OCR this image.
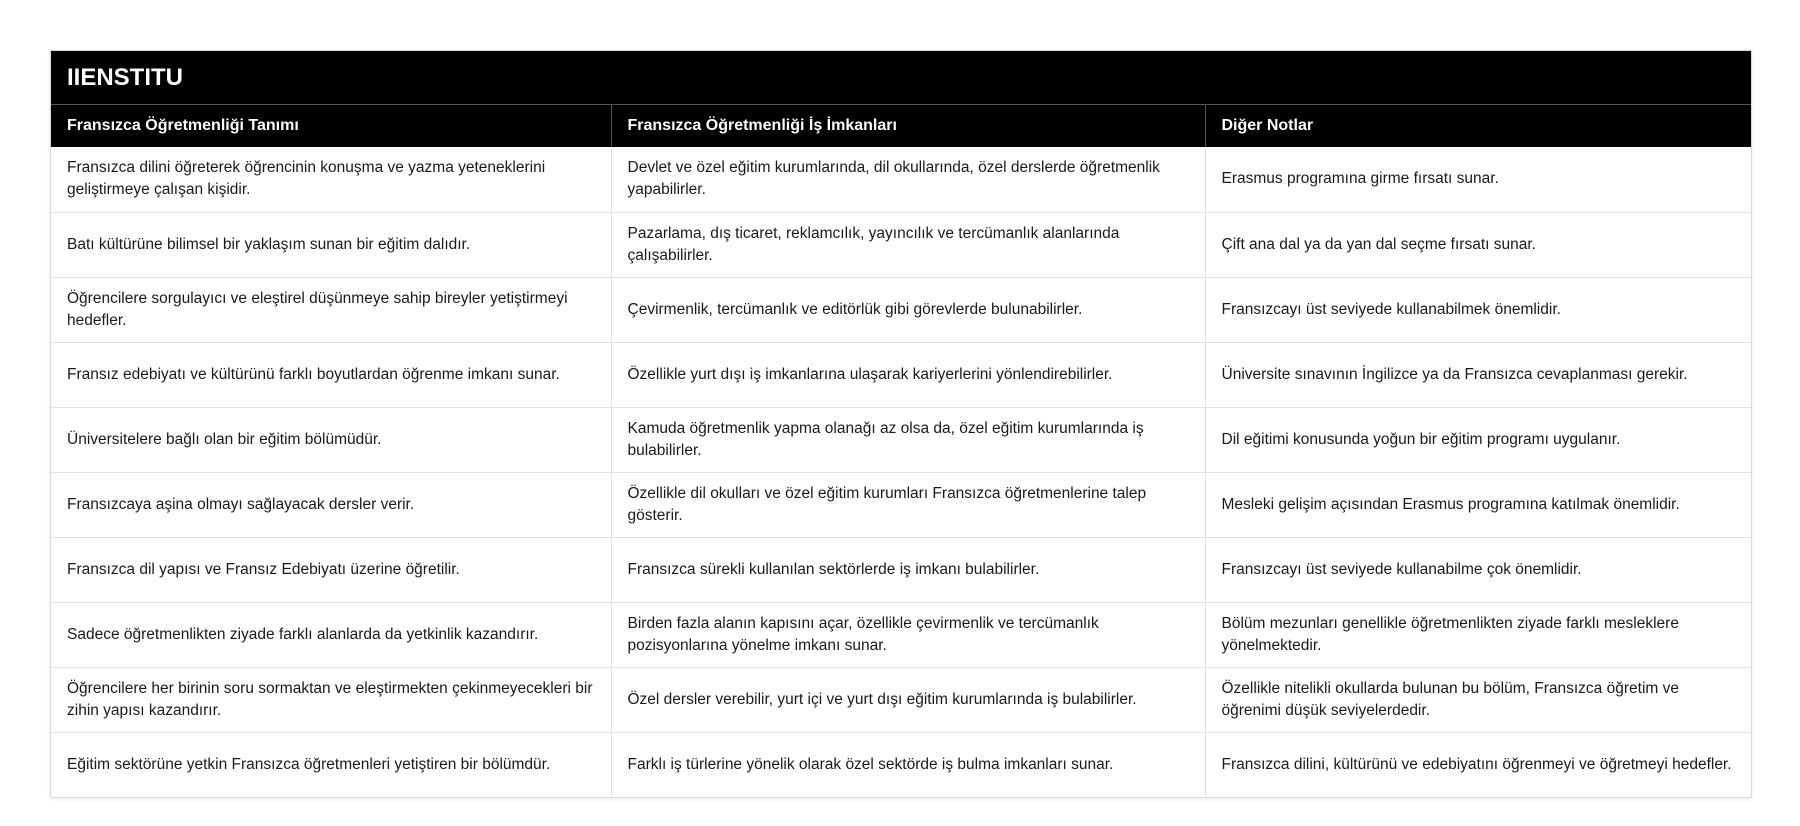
IIENSTITU
Fransızca Öğretmenliği Tanımı	Fransızca Öğretmenliği İş İmkanları	Diğer Notlar
Fransızca dilini öğreterek öğrencinin konuşma ve yazma yeteneklerini geliştirmeye çalışan kişidir.	Devlet ve özel eğitim kurumlarında, dil okullarında, özel derslerde öğretmenlik yapabilirler.	Erasmus programına girme fırsatı sunar.
Batı kültürüne bilimsel bir yaklaşım sunan bir eğitim dalıdır.	Pazarlama, dış ticaret, reklamcılık, yayıncılık ve tercümanlık alanlarında çalışabilirler.	Çift ana dal ya da yan dal seçme fırsatı sunar.
Öğrencilere sorgulayıcı ve eleştirel düşünmeye sahip bireyler yetiştirmeyi hedefler.	Çevirmenlik, tercümanlık ve editörlük gibi görevlerde bulunabilirler.	Fransızcayı üst seviyede kullanabilmek önemlidir.
Fransız edebiyatı ve kültürünü farklı boyutlardan öğrenme imkanı sunar.	Özellikle yurt dışı iş imkanlarına ulaşarak kariyerlerini yönlendirebilirler.	Üniversite sınavının İngilizce ya da Fransızca cevaplanması gerekir.
Üniversitelere bağlı olan bir eğitim bölümüdür.	Kamuda öğretmenlik yapma olanağı az olsa da, özel eğitim kurumlarında iş bulabilirler.	Dil eğitimi konusunda yoğun bir eğitim programı uygulanır.
Fransızcaya aşina olmayı sağlayacak dersler verir.	Özellikle dil okulları ve özel eğitim kurumları Fransızca öğretmenlerine talep gösterir.	Mesleki gelişim açısından Erasmus programına katılmak önemlidir.
Fransızca dil yapısı ve Fransız Edebiyatı üzerine öğretilir.	Fransızca sürekli kullanılan sektörlerde iş imkanı bulabilirler.	Fransızcayı üst seviyede kullanabilme çok önemlidir.
Sadece öğretmenlikten ziyade farklı alanlarda da yetkinlik kazandırır.	Birden fazla alanın kapısını açar, özellikle çevirmenlik ve tercümanlık pozisyonlarına yönelme imkanı sunar.	Bölüm mezunları genellikle öğretmenlikten ziyade farklı mesleklere yönelmektedir.
Öğrencilere her birinin soru sormaktan ve eleştirmekten çekinmeyecekleri bir zihin yapısı kazandırır.	Özel dersler verebilir, yurt içi ve yurt dışı eğitim kurumlarında iş bulabilirler.	Özellikle nitelikli okullarda bulunan bu bölüm, Fransızca öğretim ve öğrenimi düşük seviyelerdedir.
Eğitim sektörüne yetkin Fransızca öğretmenleri yetiştiren bir bölümdür.	Farklı iş türlerine yönelik olarak özel sektörde iş bulma imkanları sunar.	Fransızca dilini, kültürünü ve edebiyatını öğrenmeyi ve öğretmeyi hedefler.
